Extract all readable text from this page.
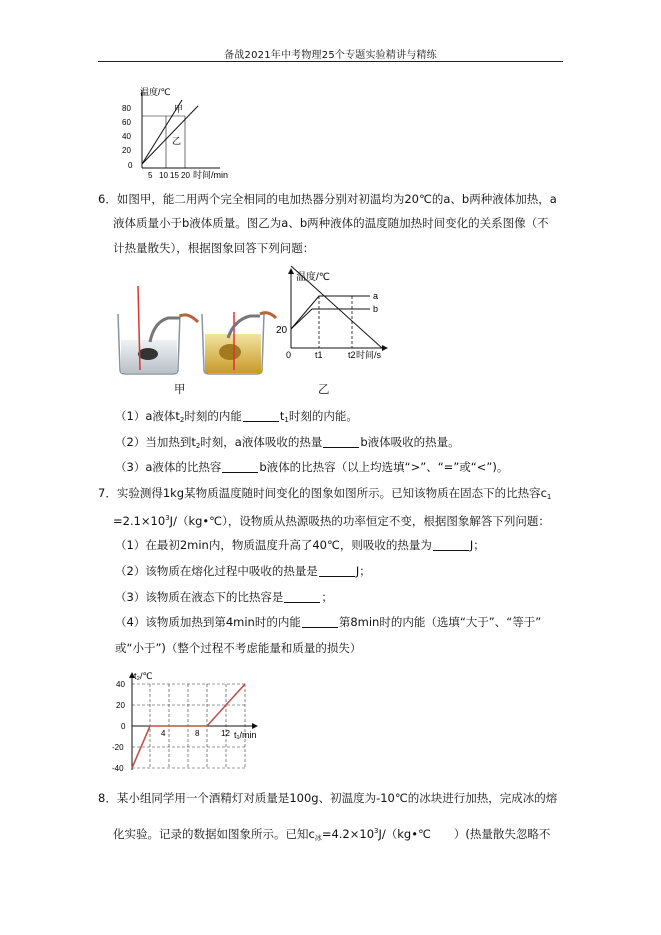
备战2021年中考物理25个专题实验精讲与精练
温度/℃
80
60
40
20
0
5 10 15 20 时间/min
甲
乙
6．如图甲，能二用两个完全相同的电加热器分别对初温均为20℃的a、b两种液体加热，a
液体质量小于b液体质量。图乙为a、b两种液体的温度随加热时间变化的关系图像（不
计热量散失），根据图象回答下列问题：
甲
温度/℃
20
0	t1	t2 时间/s
a
b
乙
（1）a液体$t_2$时刻的内能	$t_1$时刻的内能。
（2）当加热到$t_2$时刻，a液体吸收的热量	b液体吸收的热量。
（3）a液体的比热容	b液体的比热容（以上均选填“>”、“=”或“<”)。
7．实验测得1kg某物质温度随时间变化的图象如图所示。已知该物质在固态下的比热容$c_1$
$=2.1\times 10^3J/(kg•℃)$，设物质从热源吸热的功率恒定不变，根据图象解答下列问题：
（1）在最初2min内，物质温度升高了40℃，则吸收的热量为	J；
（2）该物质在熔化过程中吸收的热量是	J；
（3）该物质在液态下的比热容是	；
（4）该物质加热到第4min时的内能	第8min时的内能（选填“大于”、“等于”
或“小于”)（整个过程不考虑能量和质量的损失）
t₂/℃
40
20
0
-20
-40
4	8	12 t₁/min
8．某小组同学用一个酒精灯对质量是100g、初温度为-10℃的冰块进行加热，完成冰的熔
化实验。记录的数据如图象所示。已知$c_冰=4.2\times 10^3J/(kg•℃$　　）(热量散失忽略不
